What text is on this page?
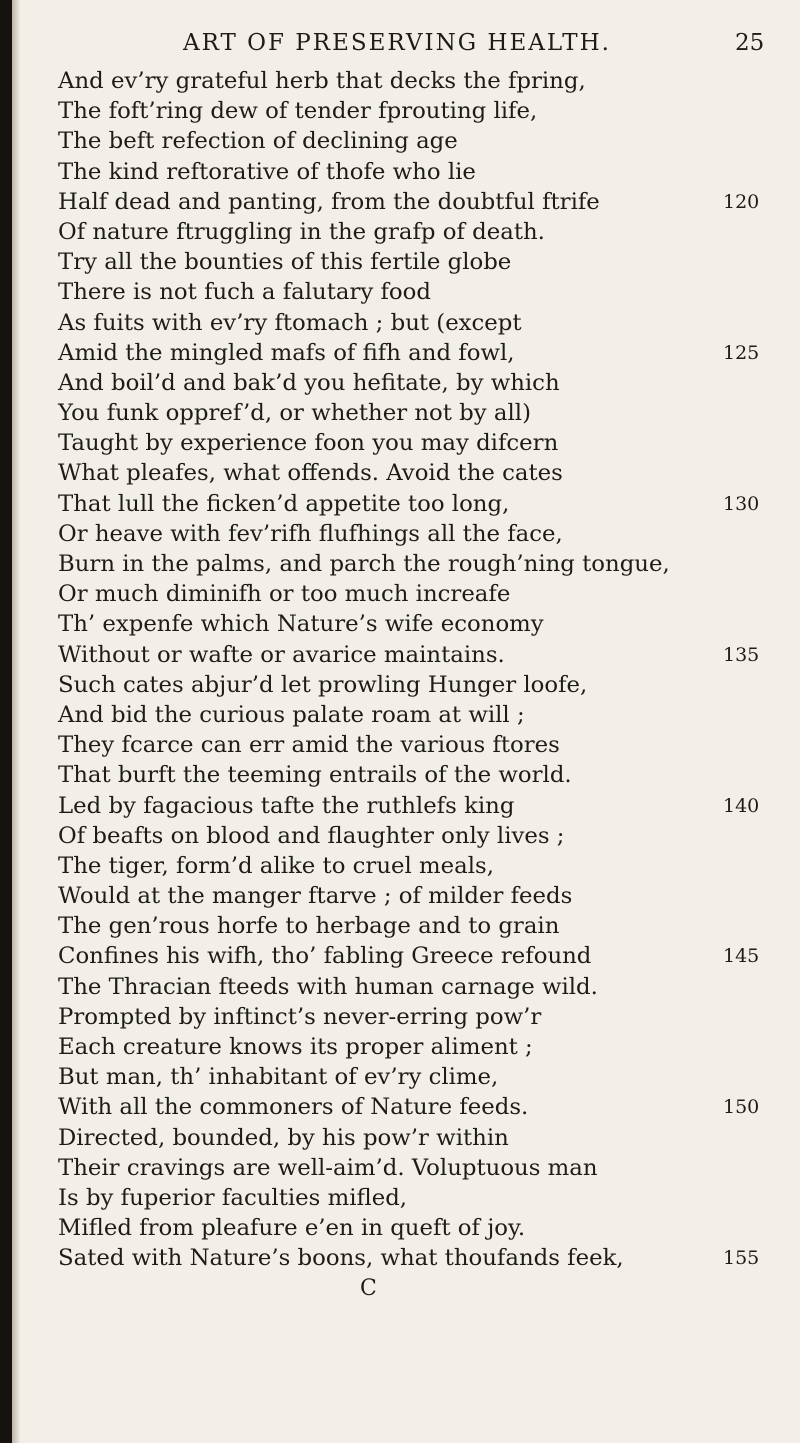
ART OF PRESERVING HEALTH.	25
And ev’ry grateful herb that decks the fpring,
The foft’ring dew of tender fprouting life,
The beft refection of declining age
The kind reftorative of thofe who lie
Half dead and panting, from the doubtful ftrife	120
Of nature ftruggling in the grafp of death.
Try all the bounties of this fertile globe
There is not fuch a falutary food
As fuits with ev’ry ftomach ; but (except
Amid the mingled mafs of fifh and fowl,	125
And boil’d and bak’d you hefitate, by which
You funk oppref’d, or whether not by all)
Taught by experience foon you may difcern
What pleafes, what offends. Avoid the cates
That lull the ficken’d appetite too long,	130
Or heave with fev’rifh flufhings all the face,
Burn in the palms, and parch the rough’ning tongue,
Or much diminifh or too much increafe
Th’ expenfe which Nature’s wife economy
Without or wafte or avarice maintains.	135
Such cates abjur’d let prowling Hunger loofe,
And bid the curious palate roam at will ;
They fcarce can err amid the various ftores
That burft the teeming entrails of the world.
Led by fagacious tafte the ruthlefs king	140
Of beafts on blood and flaughter only lives ;
The tiger, form’d alike to cruel meals,
Would at the manger ftarve ; of milder feeds
The gen’rous horfe to herbage and to grain
Confines his wifh, tho’ fabling Greece refound	145
The Thracian fteeds with human carnage wild.
Prompted by inftinct’s never-erring pow’r
Each creature knows its proper aliment ;
But man, th’ inhabitant of ev’ry clime,
With all the commoners of Nature feeds.	150
Directed, bounded, by his pow’r within
Their cravings are well-aim’d. Voluptuous man
Is by fuperior faculties mifled,
Mifled from pleafure e’en in queft of joy.
Sated with Nature’s boons, what thoufands feek,	155
C
